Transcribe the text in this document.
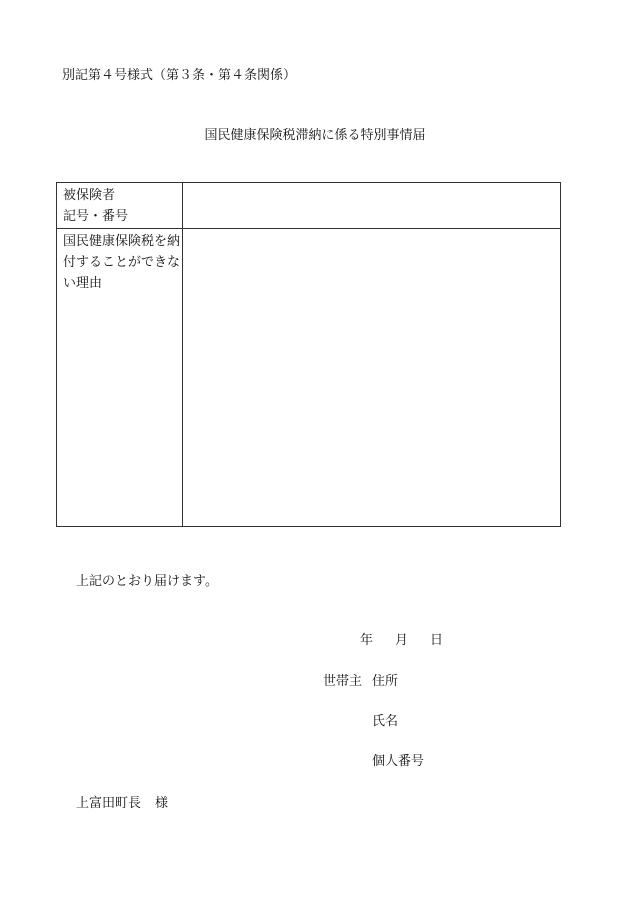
別記第４号様式（第３条・第４条関係）
国民健康保険税滞納に係る特別事情届
被保険者
記号・番号
国民健康保険税を納
付することができな
い理由
上記のとおり届けます。
年 月 日
世帯主 住所
氏名
個人番号
上富田町長 様
